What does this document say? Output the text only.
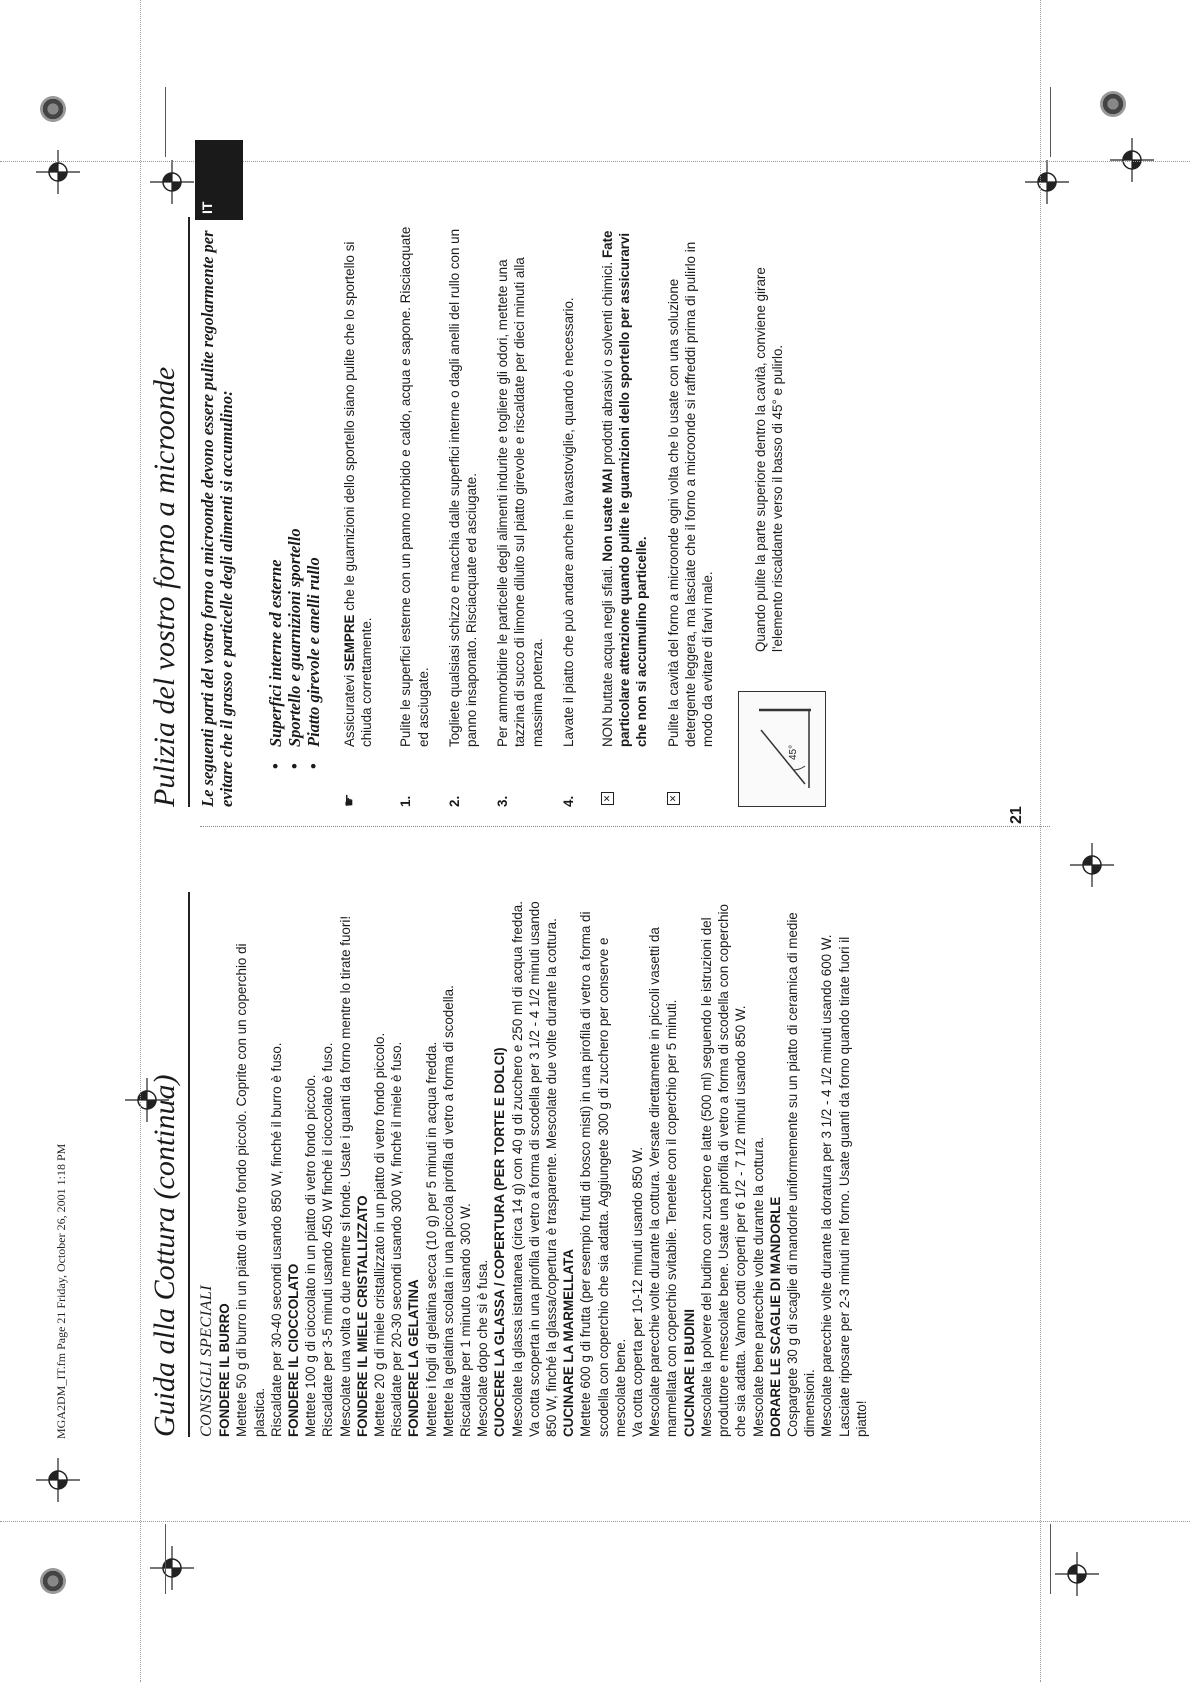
MGA2DM_IT.fm Page 21 Friday, October 26, 2001 1:18 PM	Guida alla Cottura (continua) CONSIGLI SPECIALI FONDERE IL BURRO Mettete 50 g di burro in un piatto di vetro fondo piccolo. Coprite con un coperchio di plastica. Riscaldate per 30-40 secondi usando 850 W, finché il burro è fuso. FONDERE IL CIOCCOLATO Mettete 100 g di cioccolato in un piatto di vetro fondo piccolo. Riscaldate per 3-5 minuti usando 450 W finché il cioccolato è fuso. Mescolate una volta o due mentre si fonde. Usate i guanti da forno mentre lo tirate fuori! FONDERE IL MIELE CRISTALLIZZATO Mettete 20 g di miele cristallizzato in un piatto di vetro fondo piccolo. Riscaldate per 20-30 secondi usando 300 W, finché il miele è fuso. FONDERE LA GELATINA Mettete i fogli di gelatina secca (10 g) per 5 minuti in acqua fredda. Mettete la gelatina scolata in una piccola pirofila di vetro a forma di scodella. Riscaldate per 1 minuto usando 300 W. Mescolate dopo che si è fusa. CUOCERE LA GLASSA / COPERTURA (PER TORTE E DOLCI) Mescolate la glassa istantanea (circa 14 g) con 40 g di zucchero e 250 ml di acqua fredda. Va cotta scoperta in una pirofila di vetro a forma di scodella per 3 1/2 - 4 1/2 minuti usando 850 W, finché la glassa/copertura è trasparente. Mescolate due volte durante la cottura. CUCINARE LA MARMELLATA Mettete 600 g di frutta (per esempio frutti di bosco misti) in una pirofila di vetro a forma di scodella con coperchio che sia adatta. Aggiungete 300 g di zucchero per conserve e mescolate bene. Va cotta coperta per 10-12 minuti usando 850 W. Mescolate parecchie volte durante la cottura. Versate direttamente in piccoli vasetti da marmellata con coperchio svitabile. Tenetele con il coperchio per 5 minuti. CUCINARE I BUDINI Mescolate la polvere del budino con zucchero e latte (500 ml) seguendo le istruzioni del produttore e mescolate bene. Usate una pirofila di vetro a forma di scodella con coperchio che sia adatta. Vanno cotti coperti per 6 1/2 - 7 1/2 minuti usando 850 W. Mescolate bene parecchie volte durante la cottura. DORARE LE SCAGLIE DI MANDORLE Cospargete 30 g di scaglie di mandorle uniformemente su un piatto di ceramica di medie dimensioni. Mescolate parecchie volte durante la doratura per 3 1/2 - 4 1/2 minuti usando 600 W. Lasciate riposare per 2-3 minuti nel forno. Usate guanti da forno quando tirate fuori il piatto!

Pulizia del vostro forno a microonde
IT

Le seguenti parti del vostro forno a microonde devono essere pulite regolarmente per evitare che il grasso e particelle degli alimenti si accumulino: • Superfici interne ed esterne • Sportello e guarnizioni sportello • Piatto girevole e anelli rullo
☛
Assicuratevi SEMPRE che le guarnizioni dello sportello siano pulite che lo sportello si chiuda correttamente.
1.
Pulite le superfici esterne con un panno morbido e caldo, acqua e sapone. Risciacquate ed asciugate.
2.
Togliete qualsiasi schizzo e macchia dalle superfici interne o dagli anelli del rullo con un panno insaponato. Risciacquate ed asciugate.
3.
Per ammorbidire le particelle degli alimenti indurite e togliere gli odori, mettete una tazzina di succo di limone diluito sul piatto girevole e riscaldate per dieci minuti alla massima potenza.
4.
Lavate il piatto che può andare anche in lavastoviglie, quando è necessario.
✕
NON buttate acqua negli sfiati. Non usate MAI prodotti abrasivi o solventi chimici. Fate particolare attenzione quando pulite le guarnizioni dello sportello per assicurarvi che non si accumulino particelle.
✕
Pulite la cavità del forno a microonde ogni volta che lo usate con una soluzione detergente leggera, ma lasciate che il forno a microonde si raffreddi prima di pulirlo in modo da evitare di farvi male.
45°
Quando pulite la parte superiore dentro la cavità, conviene girare l'elemento riscaldante verso il basso di 45° e pulirlo.
21
